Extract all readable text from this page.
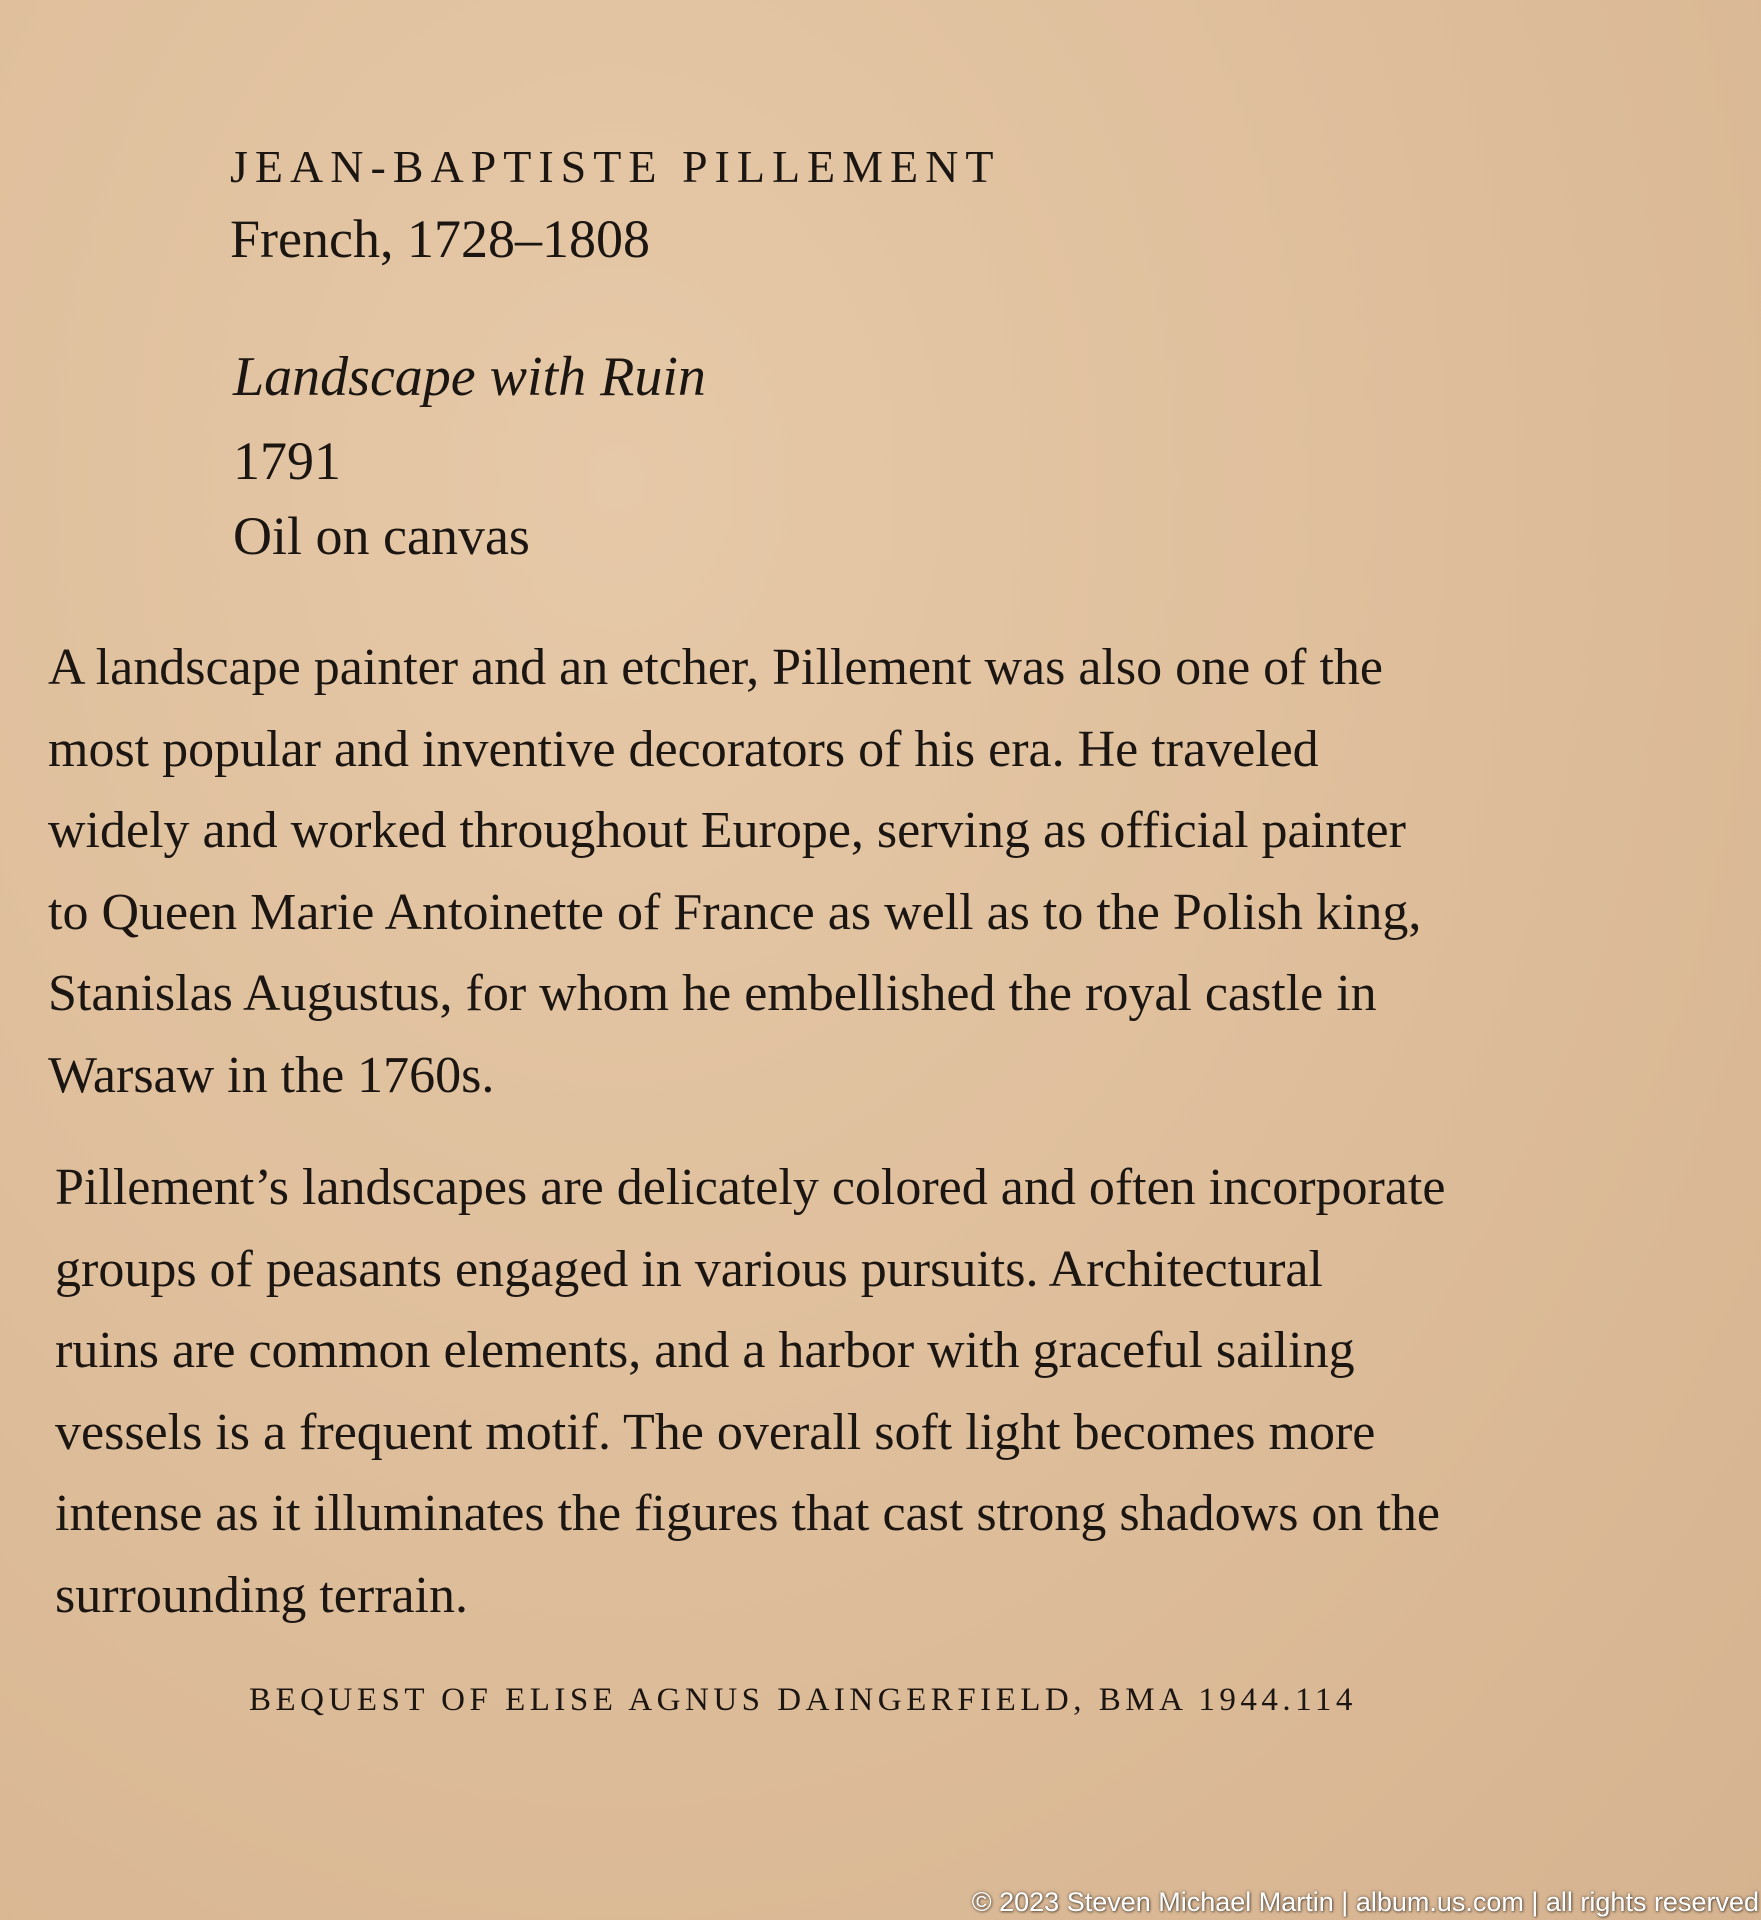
JEAN-BAPTISTE PILLEMENT

French, 1728–1808

Landscape with Ruin

1791

Oil on canvas

A landscape painter and an etcher, Pillement was also one of the
most popular and inventive decorators of his era. He traveled
widely and worked throughout Europe, serving as official painter
to Queen Marie Antoinette of France as well as to the Polish king,
Stanislas Augustus, for whom he embellished the royal castle in
Warsaw in the 1760s.

Pillement’s landscapes are delicately colored and often incorporate
groups of peasants engaged in various pursuits. Architectural
ruins are common elements, and a harbor with graceful sailing
vessels is a frequent motif. The overall soft light becomes more
intense as it illuminates the figures that cast strong shadows on the
surrounding terrain.

BEQUEST OF ELISE AGNUS DAINGERFIELD, BMA 1944.114

© 2023 Steven Michael Martin | album.us.com | all rights reserved
